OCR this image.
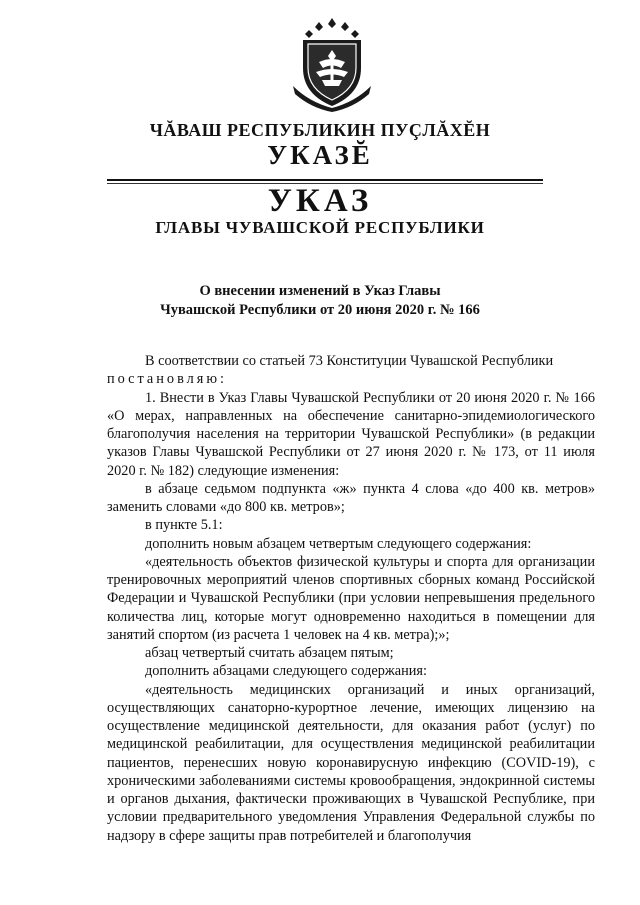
ЧĂВАШ РЕСПУБЛИКИН ПУÇЛĂХĔН
УКАЗĔ
УКАЗ
ГЛАВЫ ЧУВАШСКОЙ РЕСПУБЛИКИ
О внесении изменений в Указ Главы
Чувашской Республики от 20 июня 2020 г. № 166

В соответствии со статьей 73 Конституции Чувашской Республики

постановляю:

1. Внести в Указ Главы Чувашской Республики от 20 июня 2020 г. № 166 «О мерах, направленных на обеспечение санитарно-эпидемиологического благополучия населения на территории Чувашской Республики» (в редакции указов Главы Чувашской Республики от 27 июня 2020 г. № 173, от 11 июля 2020 г. № 182) следующие изменения:

в абзаце седьмом подпункта «ж» пункта 4 слова «до 400 кв. метров» заменить словами «до 800 кв. метров»;

в пункте 5.1:

дополнить новым абзацем четвертым следующего содержания:

«деятельность объектов физической культуры и спорта для организации тренировочных мероприятий членов спортивных сборных команд Российской Федерации и Чувашской Республики (при условии непревышения предельного количества лиц, которые могут одновременно находиться в помещении для занятий спортом (из расчета 1 человек на 4 кв. метра);»;

абзац четвертый считать абзацем пятым;

дополнить абзацами следующего содержания:

«деятельность медицинских организаций и иных организаций, осуществляющих санаторно-курортное лечение, имеющих лицензию на осуществление медицинской деятельности, для оказания работ (услуг) по медицинской реабилитации, для осуществления медицинской реабилитации пациентов, перенесших новую коронавирусную инфекцию (COVID-19), с хроническими заболеваниями системы кровообращения, эндокринной системы и органов дыхания, фактически проживающих в Чувашской Республике, при условии предварительного уведомления Управления Федеральной службы по надзору в сфере защиты прав потребителей и благополучия
